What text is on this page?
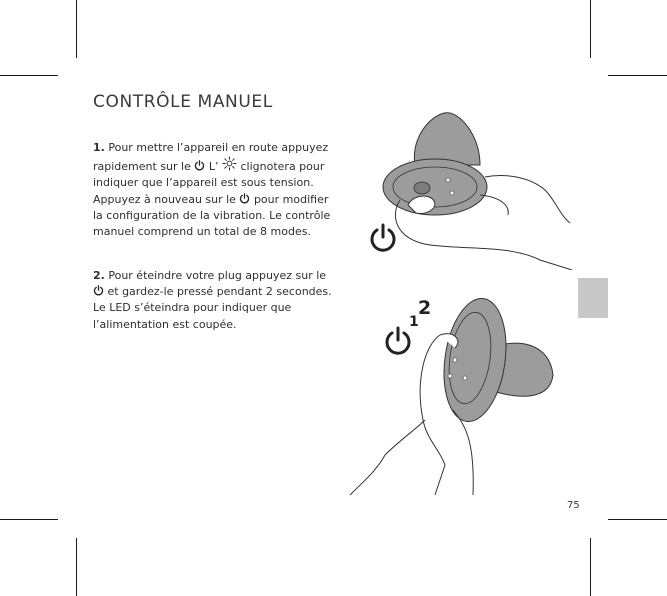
CONTRÔLE MANUEL

1. Pour mettre l’appareil en route appuyez rapidement sur le L’ clignotera pour indiquer que l’appareil est sous tension. Appuyez à nouveau sur le pour modifier la configuration de la vibration. Le contrôle manuel comprend un total de 8 modes.

2. Pour éteindre votre plug appuyez sur le  et gardez-le pressé pendant 2 secondes. Le LED s’éteindra pour indiquer que l’alimentation est coupée.	1
2
75
